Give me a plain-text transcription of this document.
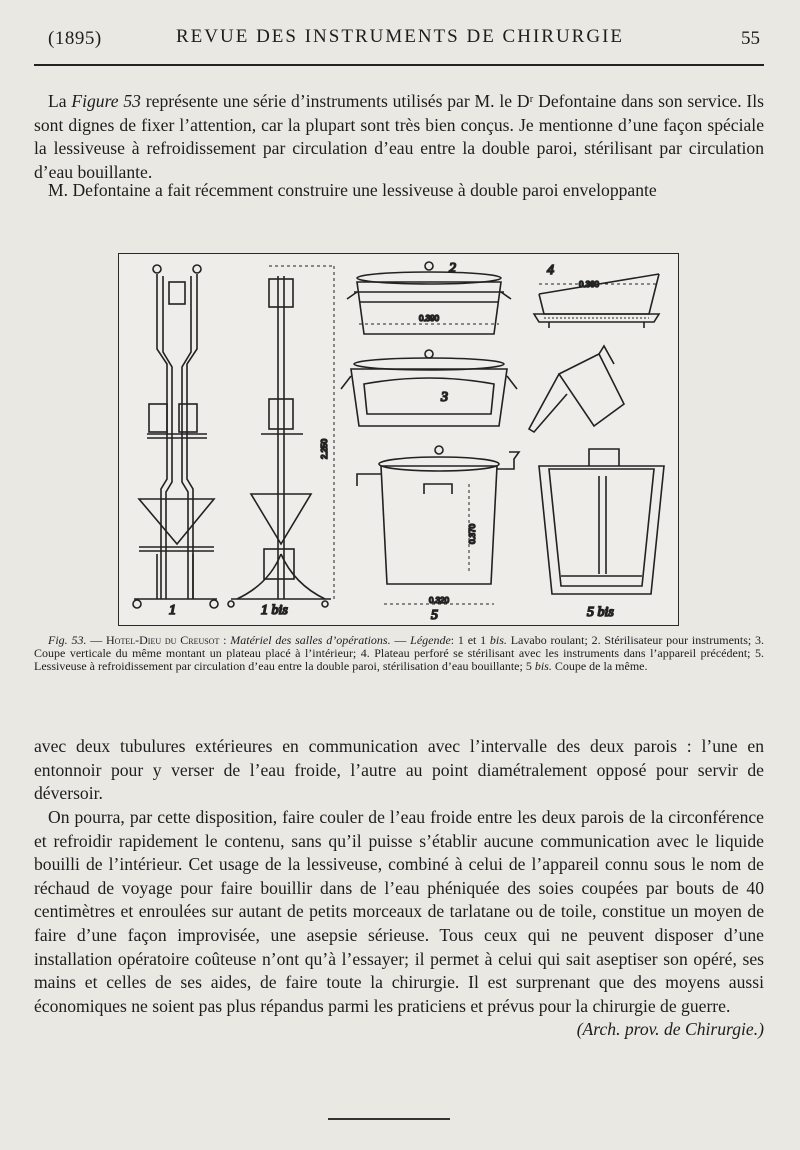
(1895)	REVUE DES INSTRUMENTS DE CHIRURGIE	55

La Figure 53 représente une série d’instruments utilisés par M. le Dʳ Defontaine dans son service. Ils sont dignes de fixer l’attention, car la plupart sont très bien conçus. Je mentionne d’une façon spéciale la lessiveuse à refroidissement par circulation d’eau entre la double paroi, stérilisant par circulation d’eau bouillante.

M. Defontaine a fait récemment construire une lessiveuse à double paroi enveloppante

1
2.250
1 bis
0.390
2
3
0.360
4
0.370
0.320
5	5 bis

Fig. 53. — Hotel-Dieu du Creusot : Matériel des salles d’opérations. — Légende: 1 et 1 bis. Lavabo roulant; 2. Stérilisateur pour instruments; 3. Coupe verticale du même montant un plateau placé à l’intérieur; 4. Plateau perforé se stérilisant avec les instruments dans l’appareil précédent; 5. Lessiveuse à refroidissement par circulation d’eau entre la double paroi, stérilisation d’eau bouillante; 5 bis. Coupe de la même.

avec deux tubulures extérieures en communication avec l’intervalle des deux parois : l’une en entonnoir pour y verser de l’eau froide, l’autre au point diamétralement opposé pour servir de déversoir.

On pourra, par cette disposition, faire couler de l’eau froide entre les deux parois de la circonférence et refroidir rapidement le contenu, sans qu’il puisse s’établir aucune communication avec le liquide bouilli de l’intérieur. Cet usage de la lessiveuse, combiné à celui de l’appareil connu sous le nom de réchaud de voyage pour faire bouillir dans de l’eau phéniquée des soies coupées par bouts de 40 centimètres et enroulées sur autant de petits morceaux de tarlatane ou de toile, constitue un moyen de faire d’une façon improvisée, une asepsie sérieuse. Tous ceux qui ne peuvent disposer d’une installation opératoire coûteuse n’ont qu’à l’essayer; il permet à celui qui sait aseptiser son opéré, ses mains et celles de ses aides, de faire toute la chirurgie. Il est surprenant que des moyens aussi économiques ne soient pas plus répandus parmi les praticiens et prévus pour la chirurgie de guerre.
(Arch. prov. de Chirurgie.)
